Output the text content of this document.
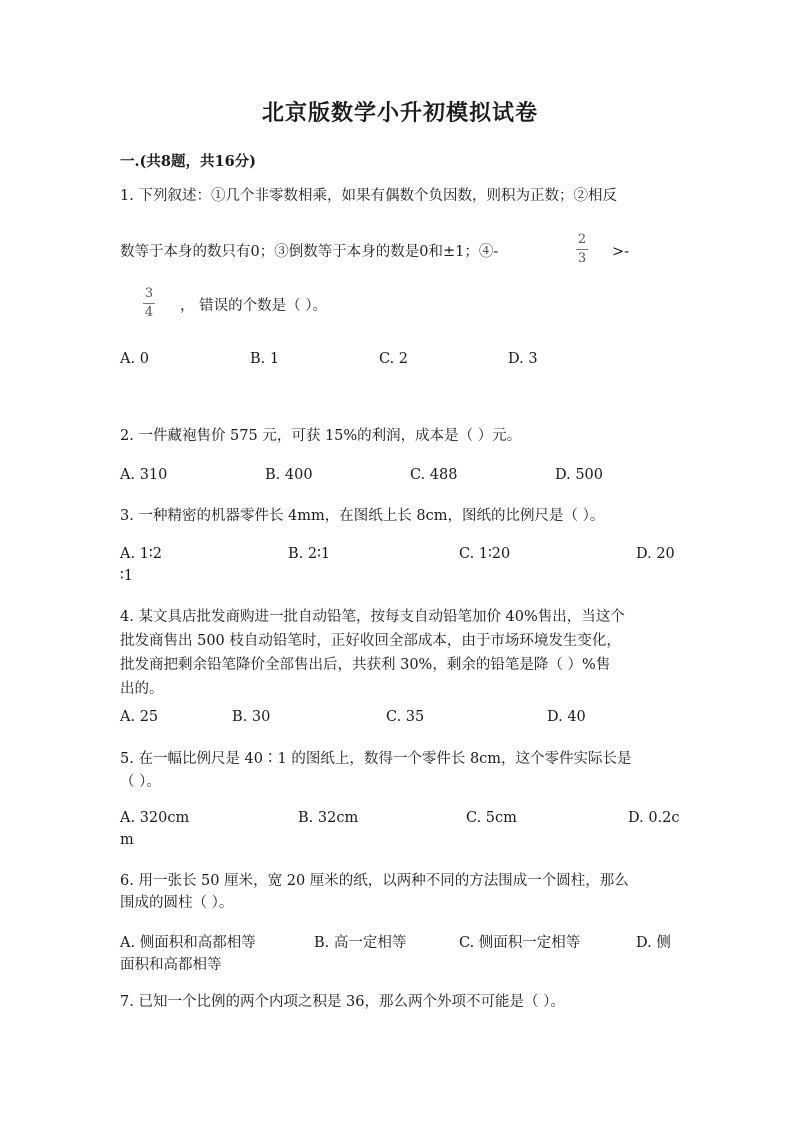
北京版数学小升初模拟试卷
一.(共8题，共16分)
1. 下列叙述：①几个非零数相乘，如果有偶数个负因数，则积为正数；②相反
数等于本身的数只有0；③倒数等于本身的数是0和±1；④-
2
3 >-
3
4 ， 错误的个数是（ ）。
A. 0	B. 1	C. 2	D. 3
2. 一件藏袍售价 575 元，可获 15%的利润，成本是（ ）元。
A. 310	B. 400	C. 488	D. 500
3. 一种精密的机器零件长 4mm，在图纸上长 8cm，图纸的比例尺是（ ）。
A. 1∶2	B. 2∶1	C. 1∶20	D. 20
∶1
4. 某文具店批发商购进一批自动铅笔，按每支自动铅笔加价 40%售出，当这个
批发商售出 500 枝自动铅笔时，正好收回全部成本，由于市场环境发生变化，
批发商把剩余铅笔降价全部售出后，共获利 30%，剩余的铅笔是降（ ）%售
出的。
A. 25	B. 30	C. 35	D. 40
5. 在一幅比例尺是 40∶1 的图纸上，数得一个零件长 8cm，这个零件实际长是
（ ）。
A. 320cm	B. 32cm	C. 5cm	D. 0.2c
m
6. 用一张长 50 厘米，宽 20 厘米的纸，以两种不同的方法围成一个圆柱，那么
围成的圆柱（ ）。
A. 侧面积和高都相等	B. 高一定相等	C. 侧面积一定相等	D. 侧
面积和高都相等
7. 已知一个比例的两个内项之积是 36，那么两个外项不可能是（ ）。
